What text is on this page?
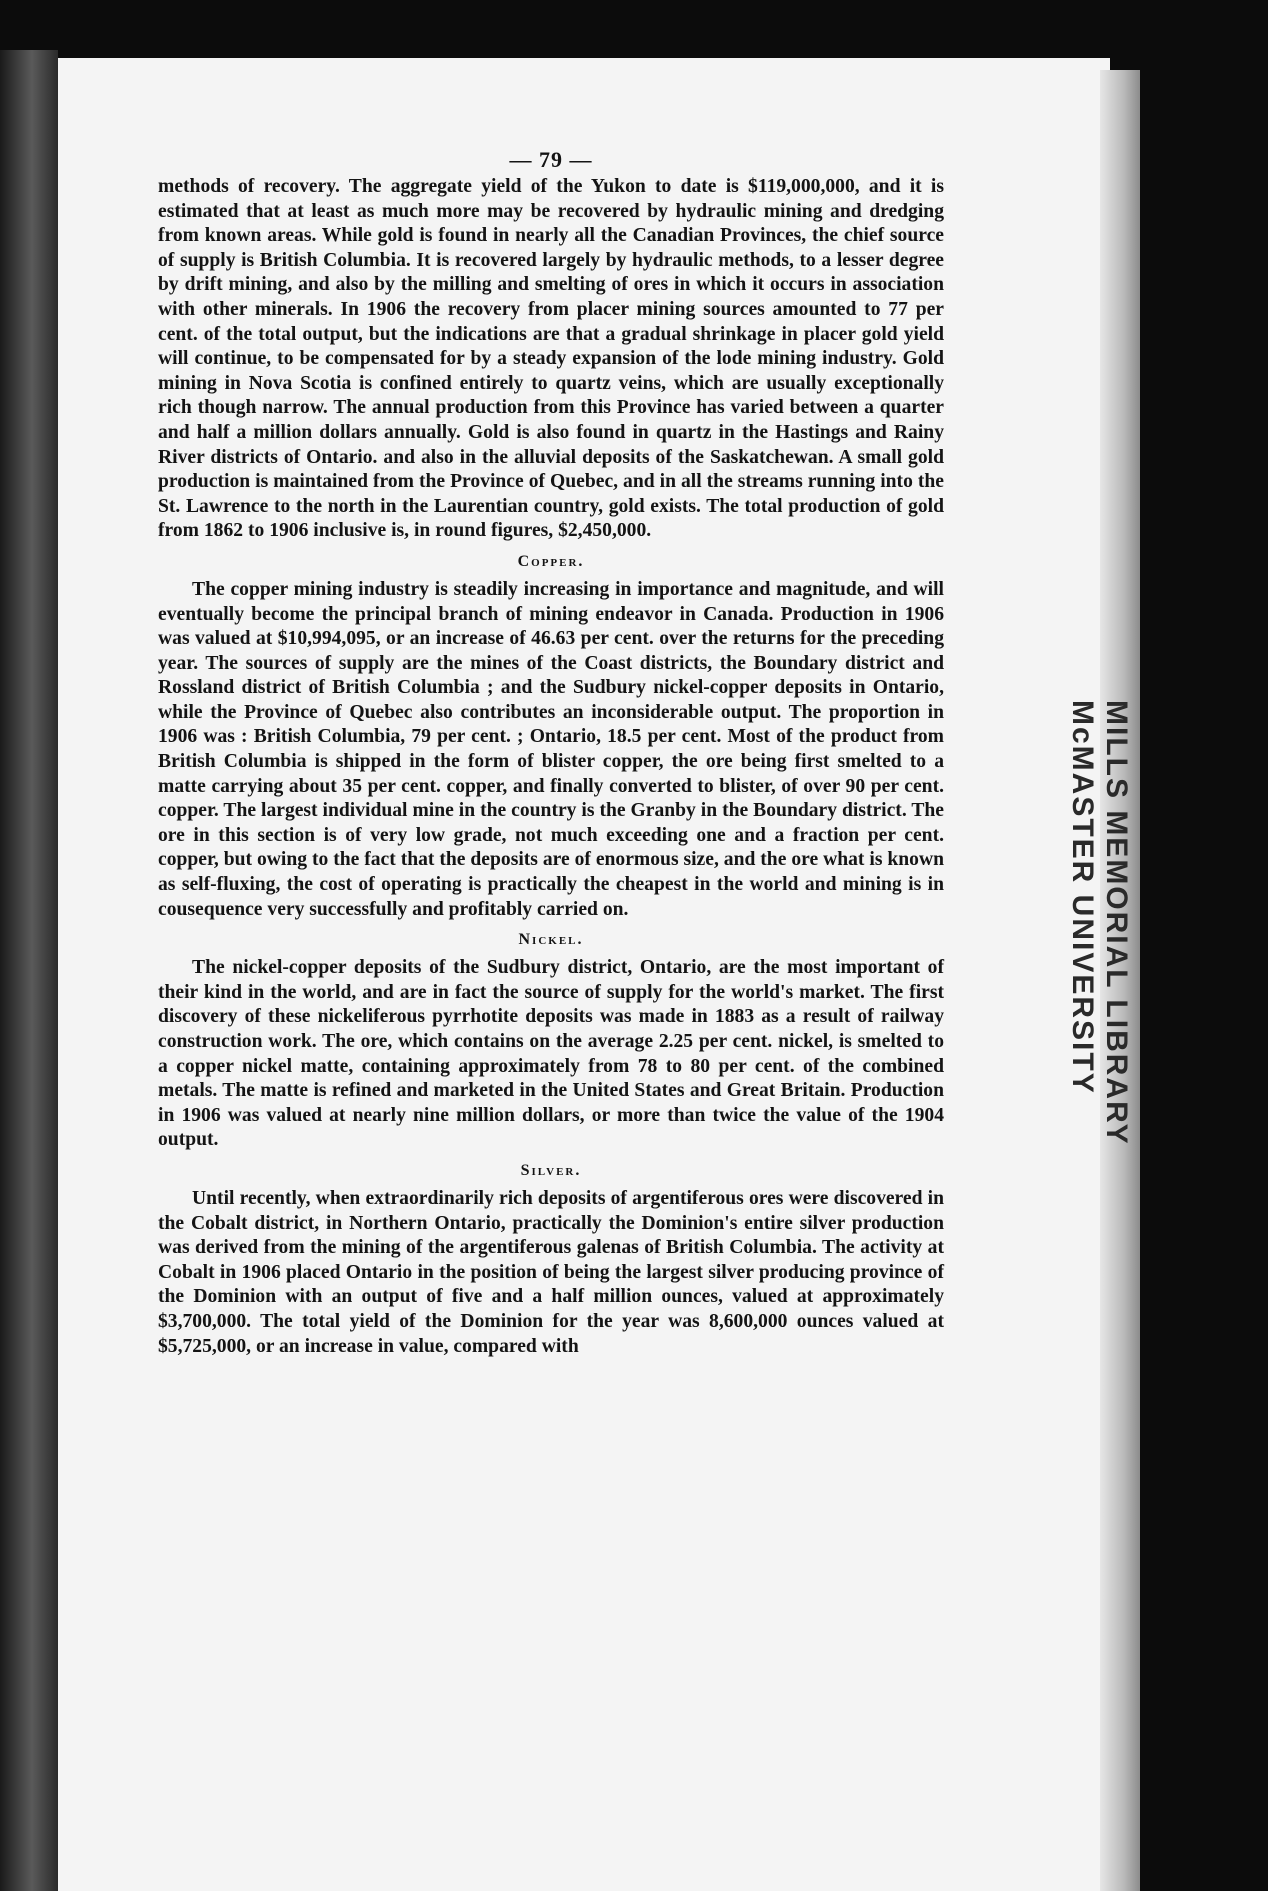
MILLS MEMORIAL LIBRARY
McMASTER UNIVERSITY
— 79 —

methods of recovery. The aggregate yield of the Yukon to date is $119,000,000, and it is estimated that at least as much more may be recovered by hydraulic mining and dredging from known areas. While gold is found in nearly all the Canadian Provinces, the chief source of supply is British Columbia. It is recovered largely by hydraulic methods, to a lesser degree by drift mining, and also by the milling and smelting of ores in which it occurs in association with other minerals. In 1906 the recovery from placer mining sources amounted to 77 per cent. of the total output, but the indications are that a gradual shrinkage in placer gold yield will continue, to be compensated for by a steady expansion of the lode mining industry. Gold mining in Nova Scotia is confined entirely to quartz veins, which are usually exceptionally rich though narrow. The annual production from this Province has varied between a quarter and half a million dollars annually. Gold is also found in quartz in the Hastings and Rainy River districts of Ontario. and also in the alluvial deposits of the Saskatchewan. A small gold production is maintained from the Province of Quebec, and in all the streams running into the St. Lawrence to the north in the Laurentian country, gold exists. The total production of gold from 1862 to 1906 inclusive is, in round figures, $2,450,000.

Copper.

The copper mining industry is steadily increasing in importance and magnitude, and will eventually become the principal branch of mining endeavor in Canada. Production in 1906 was valued at $10,994,095, or an increase of 46.63 per cent. over the returns for the preceding year. The sources of supply are the mines of the Coast districts, the Boundary district and Rossland district of British Columbia ; and the Sudbury nickel-copper deposits in Ontario, while the Province of Quebec also contributes an inconsiderable output. The proportion in 1906 was : British Columbia, 79 per cent. ; Ontario, 18.5 per cent. Most of the product from British Columbia is shipped in the form of blister copper, the ore being first smelted to a matte carrying about 35 per cent. copper, and finally converted to blister, of over 90 per cent. copper. The largest individual mine in the country is the Granby in the Boundary district. The ore in this section is of very low grade, not much exceeding one and a fraction per cent. copper, but owing to the fact that the deposits are of enormous size, and the ore what is known as self-fluxing, the cost of operating is practically the cheapest in the world and mining is in cousequence very successfully and profitably carried on.

Nickel.

The nickel-copper deposits of the Sudbury district, Ontario, are the most important of their kind in the world, and are in fact the source of supply for the world's market. The first discovery of these nickeliferous pyrrhotite deposits was made in 1883 as a result of railway construction work. The ore, which contains on the average 2.25 per cent. nickel, is smelted to a copper nickel matte, containing approximately from 78 to 80 per cent. of the combined metals. The matte is refined and marketed in the United States and Great Britain. Production in 1906 was valued at nearly nine million dollars, or more than twice the value of the 1904 output.

Silver.

Until recently, when extraordinarily rich deposits of argentiferous ores were discovered in the Cobalt district, in Northern Ontario, practically the Dominion's entire silver production was derived from the mining of the argentiferous galenas of British Columbia. The activity at Cobalt in 1906 placed Ontario in the position of being the largest silver producing province of the Dominion with an output of five and a half million ounces, valued at approximately $3,700,000. The total yield of the Dominion for the year was 8,600,000 ounces valued at $5,725,000, or an increase in value, compared with
